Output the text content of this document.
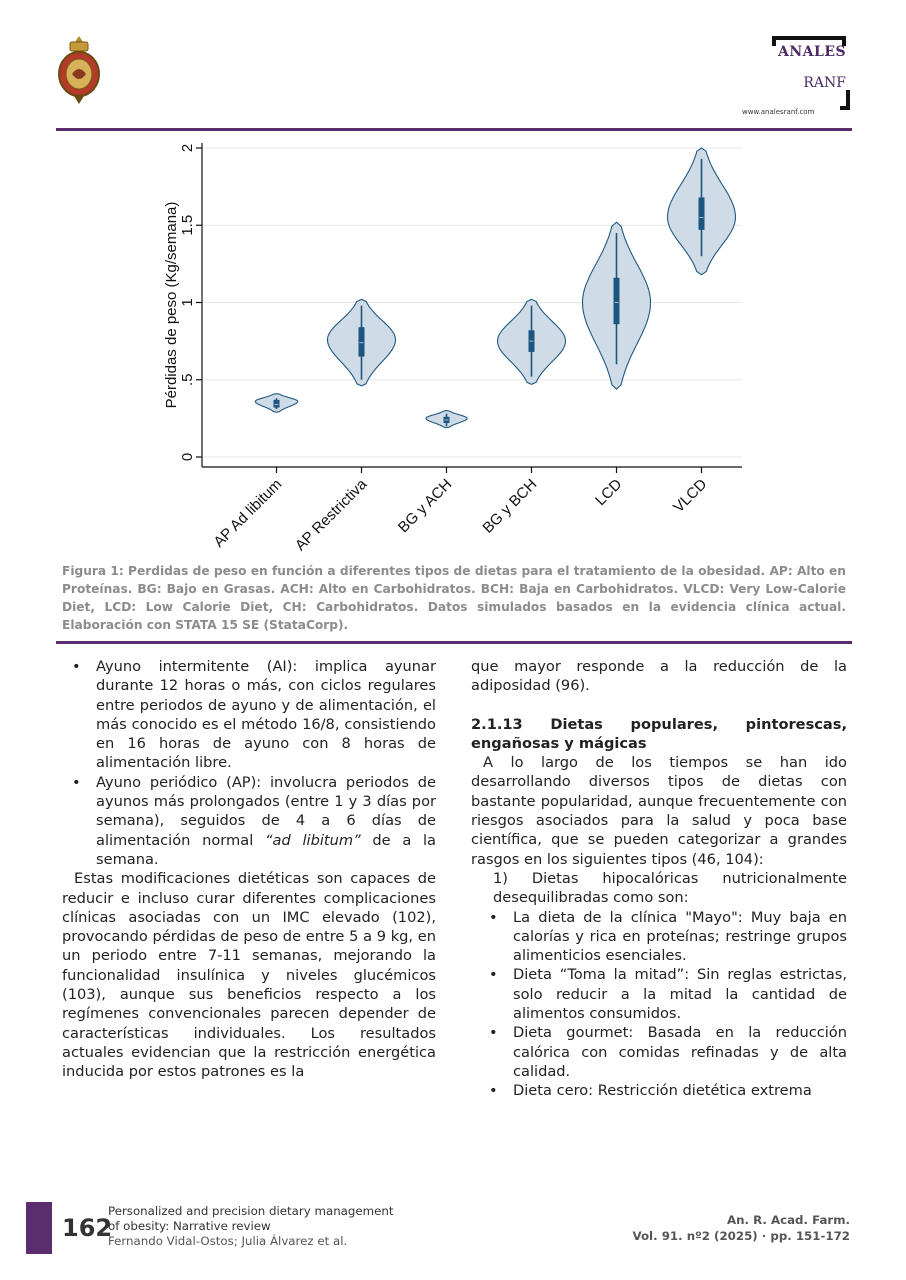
ANALES
RANF
www.analesranf.com
0
.5
1
1.5
2
AP Ad libitum AP Restrictiva BG y ACH BG y BCH	LCD	VLCD
Pérdidas de peso (Kg/semana)
Figura 1: Perdidas de peso en función a diferentes tipos de dietas para el tratamiento de la obesidad. AP: Alto en Proteínas. BG: Bajo en Grasas. ACH: Alto en Carbohidratos. BCH: Baja en Carbohidratos. VLCD: Very Low-Calorie Diet, LCD: Low Calorie Diet, CH: Carbohidratos. Datos simulados basados en la evidencia clínica actual. Elaboración con STATA 15 SE (StataCorp).
• Ayuno intermitente (AI): implica ayunar durante 12 horas o más, con ciclos regulares entre periodos de ayuno y de alimentación, el más conocido es el método 16/8, consistiendo en 16 horas de ayuno con 8 horas de alimentación libre.
• Ayuno periódico (AP): involucra periodos de ayunos más prolongados (entre 1 y 3 días por semana), seguidos de 4 a 6 días de alimentación normal “ad libitum” de a la semana.

Estas modificaciones dietéticas son capaces de reducir e incluso curar diferentes complicaciones clínicas asociadas con un IMC elevado (102), provocando pérdidas de peso de entre 5 a 9 kg, en un periodo entre 7-11 semanas, mejorando la funcionalidad insulínica y niveles glucémicos (103), aunque sus beneficios respecto a los regímenes convencionales parecen depender de características individuales. Los resultados actuales evidencian que la restricción energética inducida por estos patrones es la

que mayor responde a la reducción de la adiposidad (96).

2.1.13 Dietas populares, pintorescas, engañosas y mágicas

A lo largo de los tiempos se han ido desarrollando diversos tipos de dietas con bastante popularidad, aunque frecuentemente con riesgos asociados para la salud y poca base científica, que se pueden categorizar a grandes rasgos en los siguientes tipos (46, 104):

1) Dietas hipocalóricas nutricionalmente desequilibradas como son:

• La dieta de la clínica "Mayo": Muy baja en calorías y rica en proteínas; restringe grupos alimenticios esenciales.
• Dieta “Toma la mitad”: Sin reglas estrictas, solo reducir a la mitad la cantidad de alimentos consumidos.
• Dieta gourmet: Basada en la reducción calórica con comidas refinadas y de alta calidad.
• Dieta cero: Restricción dietética extrema
162
Personalized and precision dietary management
of obesity: Narrative review
Fernando Vidal-Ostos; Julia Álvarez et al.
An. R. Acad. Farm.
Vol. 91. nº2 (2025) · pp. 151-172
